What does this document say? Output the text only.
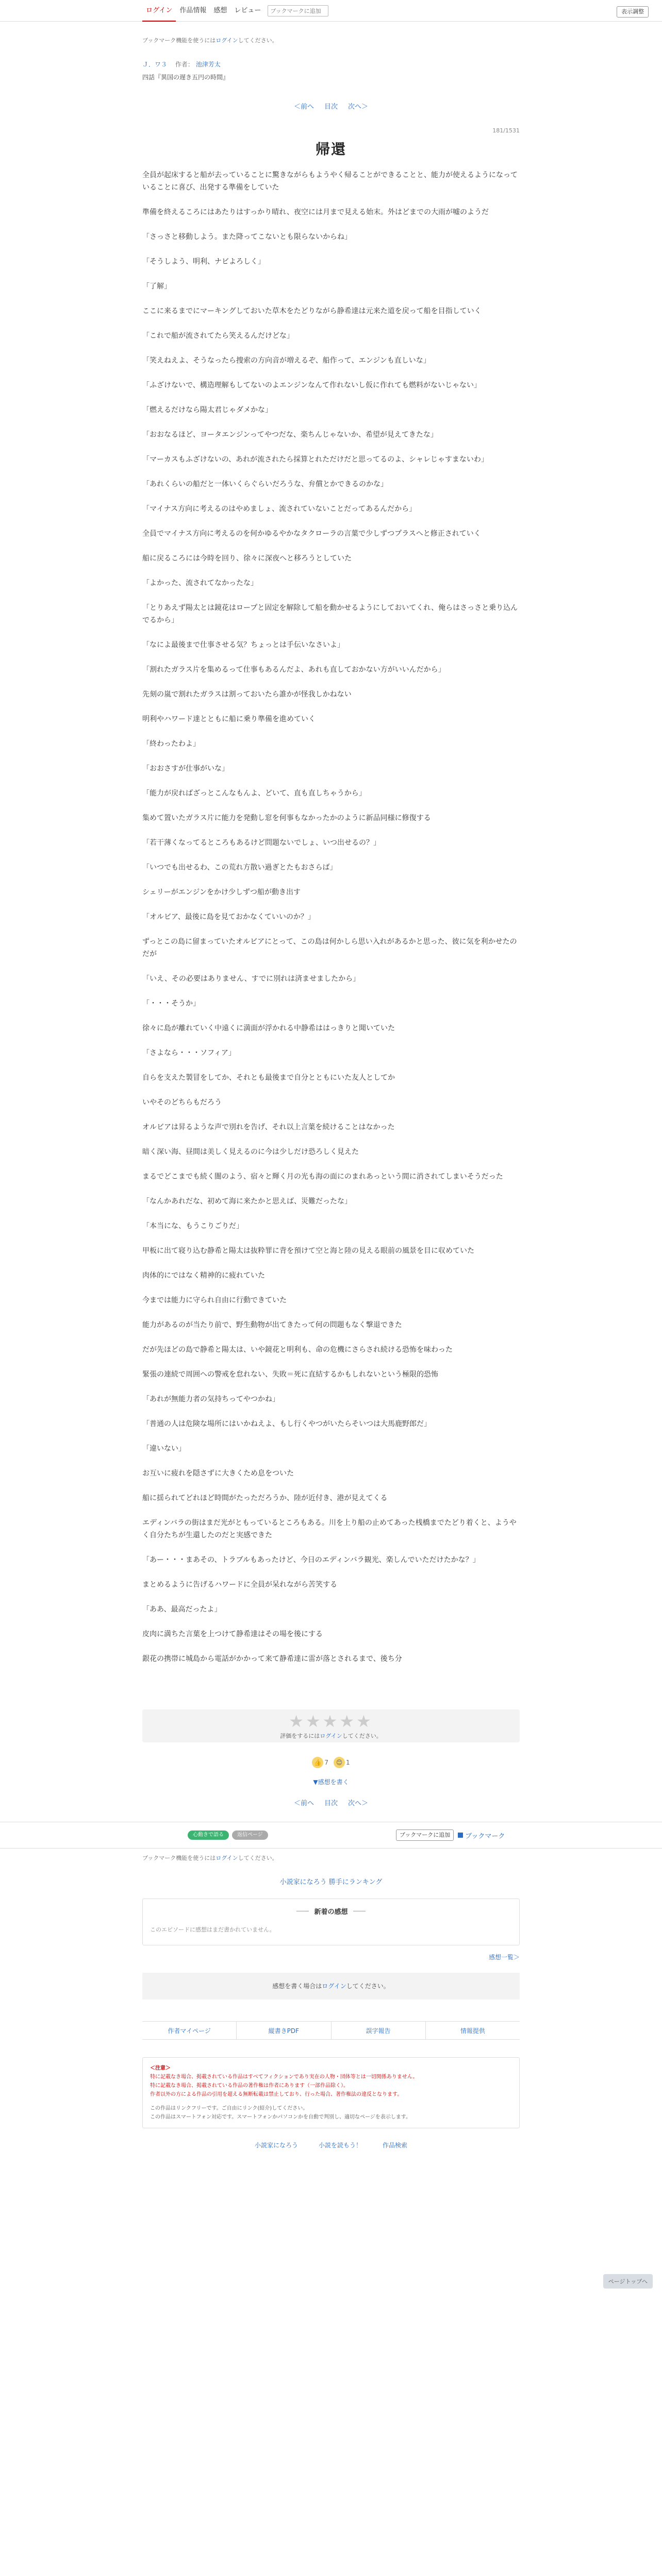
ログイン	作品情報	感想	レビュー
ブックマークに追加	表示調整
ブックマーク機能を使うにはログインしてください。
Ｊ．ワ３ 作者： 池津芳太
四話『異国の遅き五円の時間』
＜前へ 目次 次へ＞
181/1531
帰還

全員が起床すると船が去っていることに驚きながらもようやく帰ることができることと、能力が使えるようになっていることに喜び、出発する準備をしていた

準備を終えるころにはあたりはすっかり晴れ、夜空には月まで見える始末。外はどまでの大雨が嘘のようだ

「さっさと移動しよう。また降ってこないとも限らないからね」

「そうしよう、明利、ナビよろしく」

「了解」

ここに来るまでにマーキングしておいた草木をたどりながら静希達は元来た道を戻って船を目指していく

「これで船が流されてたら笑えるんだけどな」

「笑えねえよ、そうなったら捜索の方向音が増えるぞ、船作って、エンジンも直しいな」

「ふざけないで、構造理解もしてないのよエンジンなんて作れないし仮に作れても燃料がないじゃない」

「燃えるだけなら陽太君じゃダメかな」

「おおなるほど、ヨータエンジンってやつだな、楽ちんじゃないか、希望が見えてきたな」

「マーカスもふざけないの、あれが流されたら採算とれただけだと思ってるのよ、シャレじゃすまないわ」

「あれくらいの船だと一体いくらぐらいだろうな、弁償とかできるのかな」

「マイナス方向に考えるのはやめましょ、流されていないことだってあるんだから」

全員でマイナス方向に考えるのを何かゆるやかなタクローラの言葉で少しずつプラスへと修正されていく

船に戻るころには今時を回り、徐々に深夜へと移ろうとしていた

「よかった、流されてなかったな」

「とりあえず陽太とは鏡花はロープと固定を解除して船を動かせるようにしておいてくれ、俺らはさっさと乗り込んでるから」

「なによ最後まで仕事させる気？ちょっとは手伝いなさいよ」

「割れたガラス片を集めるって仕事もあるんだよ、あれも直しておかない方がいいんだから」

先刻の嵐で割れたガラスは割っておいたら誰かが怪我しかねない

明利やハワード達とともに船に乗り準備を進めていく

「終わったわよ」

「おおさすが仕事がいな」

「能力が戻ればざっとこんなもんよ、どいて、直も直しちゃうから」

集めて置いたガラス片に能力を発動し窓を何事もなかったかのように新品同様に修復する

「若干薄くなってるところもあるけど問題ないでしょ、いつ出せるの？」

「いつでも出せるわ、この荒れ方散い過ぎとたもおさらば」

シェリーがエンジンをかけ少しずつ船が動き出す

「オルビア、最後に島を見ておかなくていいのか？」

ずっとこの島に留まっていたオルビアにとって、この島は何かしら思い入れがあるかと思った、彼に気を利かせたのだが

「いえ、その必要はありません、すでに別れは済ませましたから」

「・・・そうか」

徐々に島が離れていく中遠くに満面が浮かれる中静希ははっきりと聞いていた

「さよなら・・・ソフィア」

自らを支えた製冒をしてか、それとも最後まで自分とともにいた友人としてか

いやそのどちらもだろう

オルビアは昇るような声で別れを告げ、それ以上言葉を続けることはなかった

暗く深い海、昼間は美しく見えるのに今は少しだけ恐ろしく見えた

まるでどこまでも続く闇のよう、宿々と輝く月の光も海の面にのまれあっという間に消されてしまいそうだった

「なんかあれだな、初めて海に来たかと思えば、災難だったな」

「本当にな、もうこりごりだ」

甲板に出て寝り込む静希と陽太は抜粋罪に背を預けて空と海と陸の見える眼前の風景を目に収めていた

肉体的にではなく精神的に疲れていた

今までは能力に守られ自由に行動できていた

能力があるのが当たり前で、野生動物が出てきたって何の問題もなく撃退できた

だが先ほどの島で静希と陽太は、いや鏡花と明利も、命の危機にさらされ続ける恐怖を味わった

緊張の連続で周囲への警戒を怠れない、失敗＝死に直結するかもしれないという極限的恐怖

「あれが無能力者の気持ちってやつかね」

「普通の人は危険な場所にはいかねえよ、もし行くやつがいたらそいつは大馬鹿野郎だ」

「違いない」

お互いに疲れを隠さずに大きくため息をついた

船に揺られてどれほど時間がたっただろうか、陸が近付き、港が見えてくる

エディンバラの街はまだ光がともっているところもある。川を上り船の止めてあった桟橋までたどり着くと、ようやく自分たちが生還したのだと実感できた

「あー・・・まあその、トラブルもあったけど、今日のエディンバラ観光、楽しんでいただけたかな？」

まとめるように告げるハワードに全員が呆れながら苦笑する

「ああ、最高だったよ」

皮肉に満ちた言葉を上つけて静希達はその場を後にする

銀花の携帯に城島から電話がかかって来て静希達に雷が落とされるまで、後ち分

★★★★★
評価をするにはログインしてください。
👍 7	😊 1
▼感想を書く
＜前へ 目次 次へ＞
心動きで語る	返信ページ	ブックマークに追加	ブックマーク
ブックマーク機能を使うにはログインしてください。
小説家になろう 勝手にランキング
新着の感想
このエピソードに感想はまだ書かれていません。
感想一覧＞
感想を書く場合はログインしてください。
作者マイページ	縦書きPDF	誤字報告	情報提供
＜注意＞
特に記載なき場合、掲載されている作品はすべてフィクションであり実在の人物・団体等とは一切関係ありません。
特に記載なき場合、掲載されている作品の著作権は作者にあります（一部作品除く）。
作者以外の方による作品の引用を超える無断転載は禁止しており、行った場合、著作権法の違反となります。
この作品はリンクフリーです。ご自由にリンク(紹介)してください。
この作品はスマートフォン対応です。スマートフォンかパソコンかを自動で判別し、適切なページを表示します。
小説家になろう	小説を読もう！	作品検索
ページトップへ
